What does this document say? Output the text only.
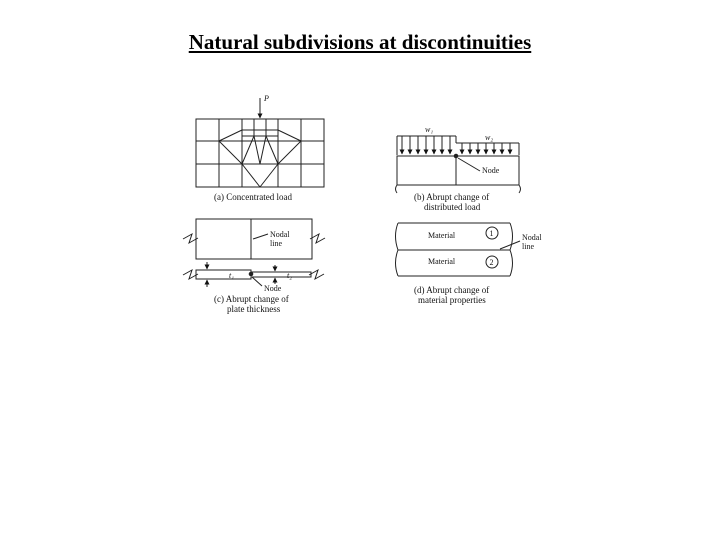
Natural subdivisions at discontinuities
P
(a) Concentrated load
w₁
w₂
Node
(b) Abrupt change of
distributed load
Nodal
line
t₁	t₂
Node
(c) Abrupt change of
plate thickness
Material
Material
1
2
Nodal
line
(d) Abrupt change of
material properties
